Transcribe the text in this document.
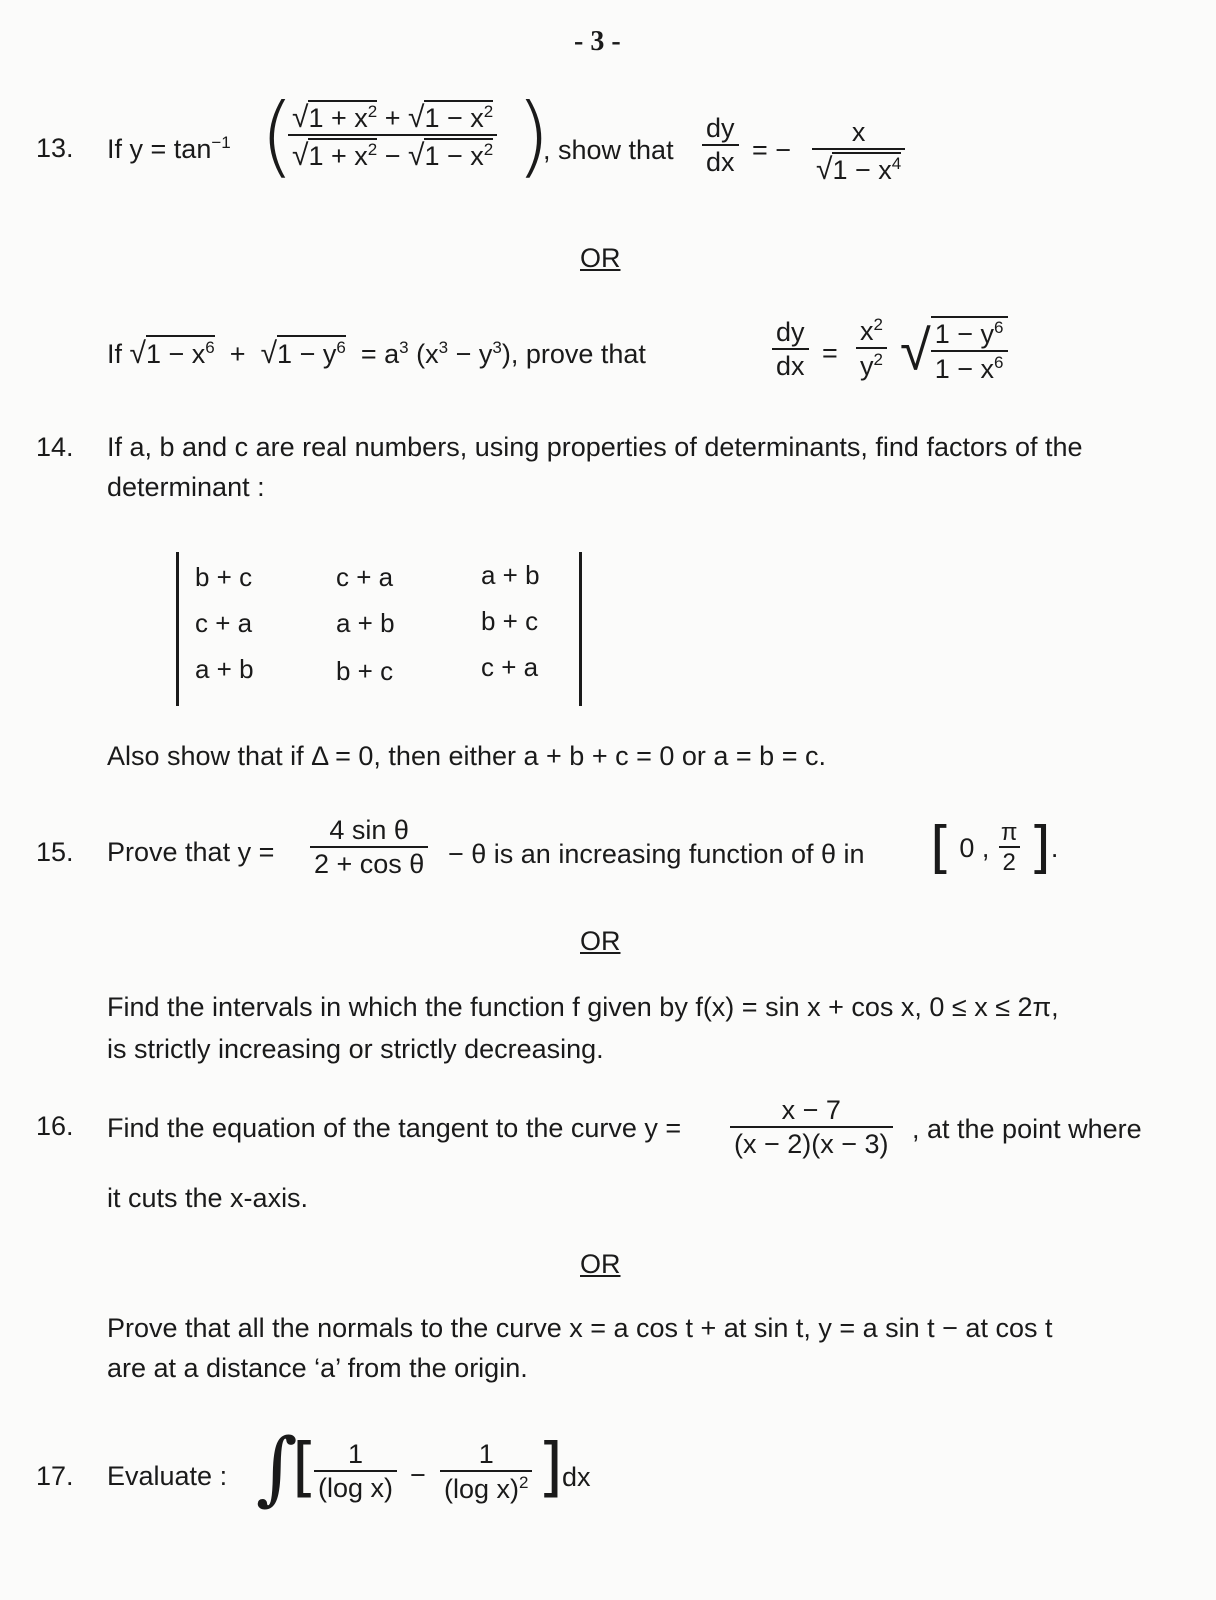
- 3 -
13. If $y = \tan^{-1}$ (
$\frac{√1 + x^2 + √1 - x^2}{√1 + x^2 - √1 - x^2}$ )
, show that $\frac{dy}{dx}$ = − $\frac{x}{√1 - x^4}$
OR
If $√1 - x^6 + √1 - y^6 = a^3$ $(x^3 - y^3)$, prove that	$\frac{dy}{dx} = \frac{x^2}{y^2}$ √ $\frac{1 - y^6}{1 - x^6}$
14. If a, b and c are real numbers, using properties of determinants, find factors of the
determinant :
b + c	c + a	a + b
c + a	a + b	b + c
a + b	b + c	c + a
Also show that if Δ = 0, then either a + b + c = 0 or a = b = c.
15. Prove that $y = \frac{\text{4 sin θ}}{\text{2 + cos θ}} - \theta$ is an increasing function of θ in [ 0 , $\frac{\pi}{2}$ ].
OR
Find the intervals in which the function f given by f(x) = sin x + cos x, 0 ≤ x ≤ 2π,
is strictly increasing or strictly decreasing.
16. Find the equation of the tangent to the curve $y = \frac{x - 7}{(x - 2)(x - 3)}$ , at the point where
it cuts the x-axis.
OR
Prove that all the normals to the curve x = a cos t + at sin t, y = a sin t − at cos t
are at a distance ‘a’ from the origin.
17. Evaluate : ∫
[
$\frac{1}{\text{(log x)}} - \frac{1}{(\log x)^2}$ ] dx
